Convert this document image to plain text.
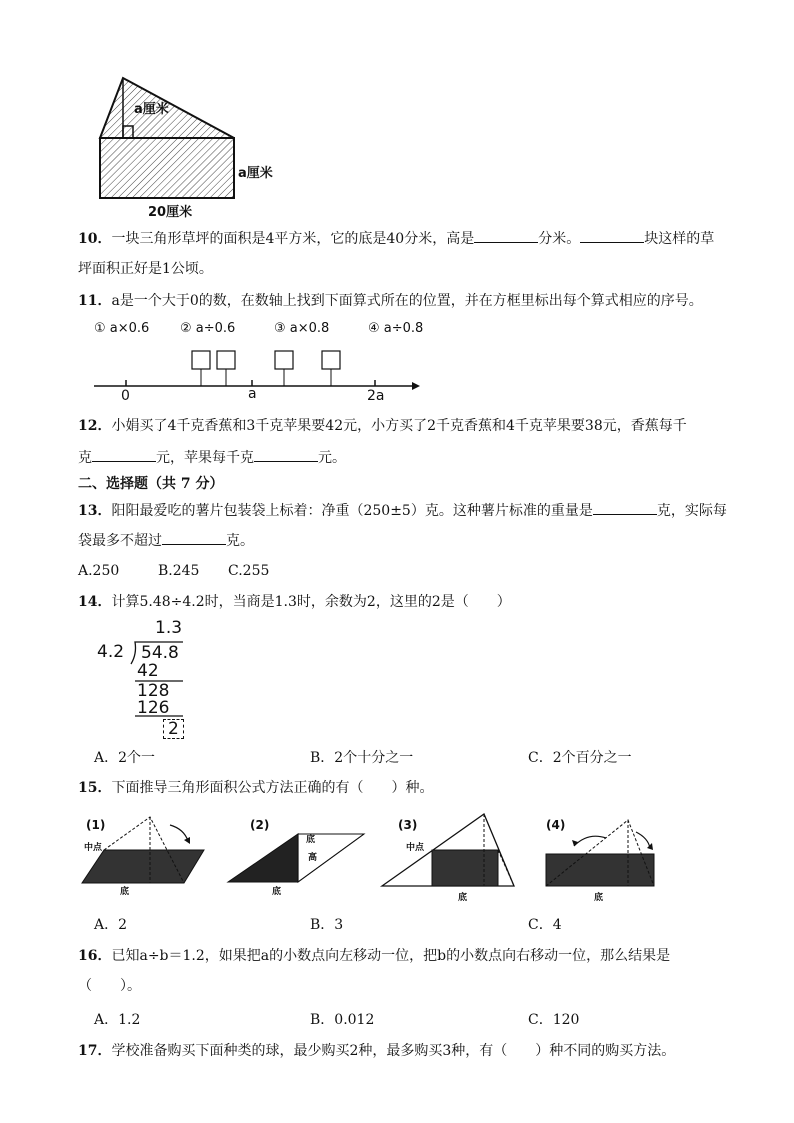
a厘米
a厘米
20厘米
10．一块三角形草坪的面积是4平方米，它的底是40分米，高是	分米。	块这样的草
坪面积正好是1公顷。
11．a是一个大于0的数，在数轴上找到下面算式所在的位置，并在方框里标出每个算式相应的序号。
① a×0.6 ② a÷0.6	③ a×0.8	④ a÷0.8
0	a	2a
12．小娟买了4千克香蕉和3千克苹果要42元，小方买了2千克香蕉和4千克苹果要38元，香蕉每千
克	元，苹果每千克	元。
二、选择题（共 7 分）
13．阳阳最爱吃的薯片包装袋上标着：净重（250±5）克。这种薯片标准的重量是	克，实际每
袋最多不超过	克。
A.250	B.245 C.255
14．计算5.48÷4.2时，当商是1.3时，余数为2，这里的2是（　　）
1.3
4.2 54.8
42
128
126
2
A．2个一	B．2个十分之一	C．2个百分之一
15．下面推导三角形面积公式方法正确的有（　　）种。
(1)
中点
底
(2)
底
高
底
(3)
中点
底
(4)
底
A．2	B．3	C．4
16．已知a÷b＝1.2，如果把a的小数点向左移动一位，把b的小数点向右移动一位，那么结果是
（　　）。
A．1.2	B．0.012	C．120
17．学校准备购买下面种类的球，最少购买2种，最多购买3种，有（　　）种不同的购买方法。
